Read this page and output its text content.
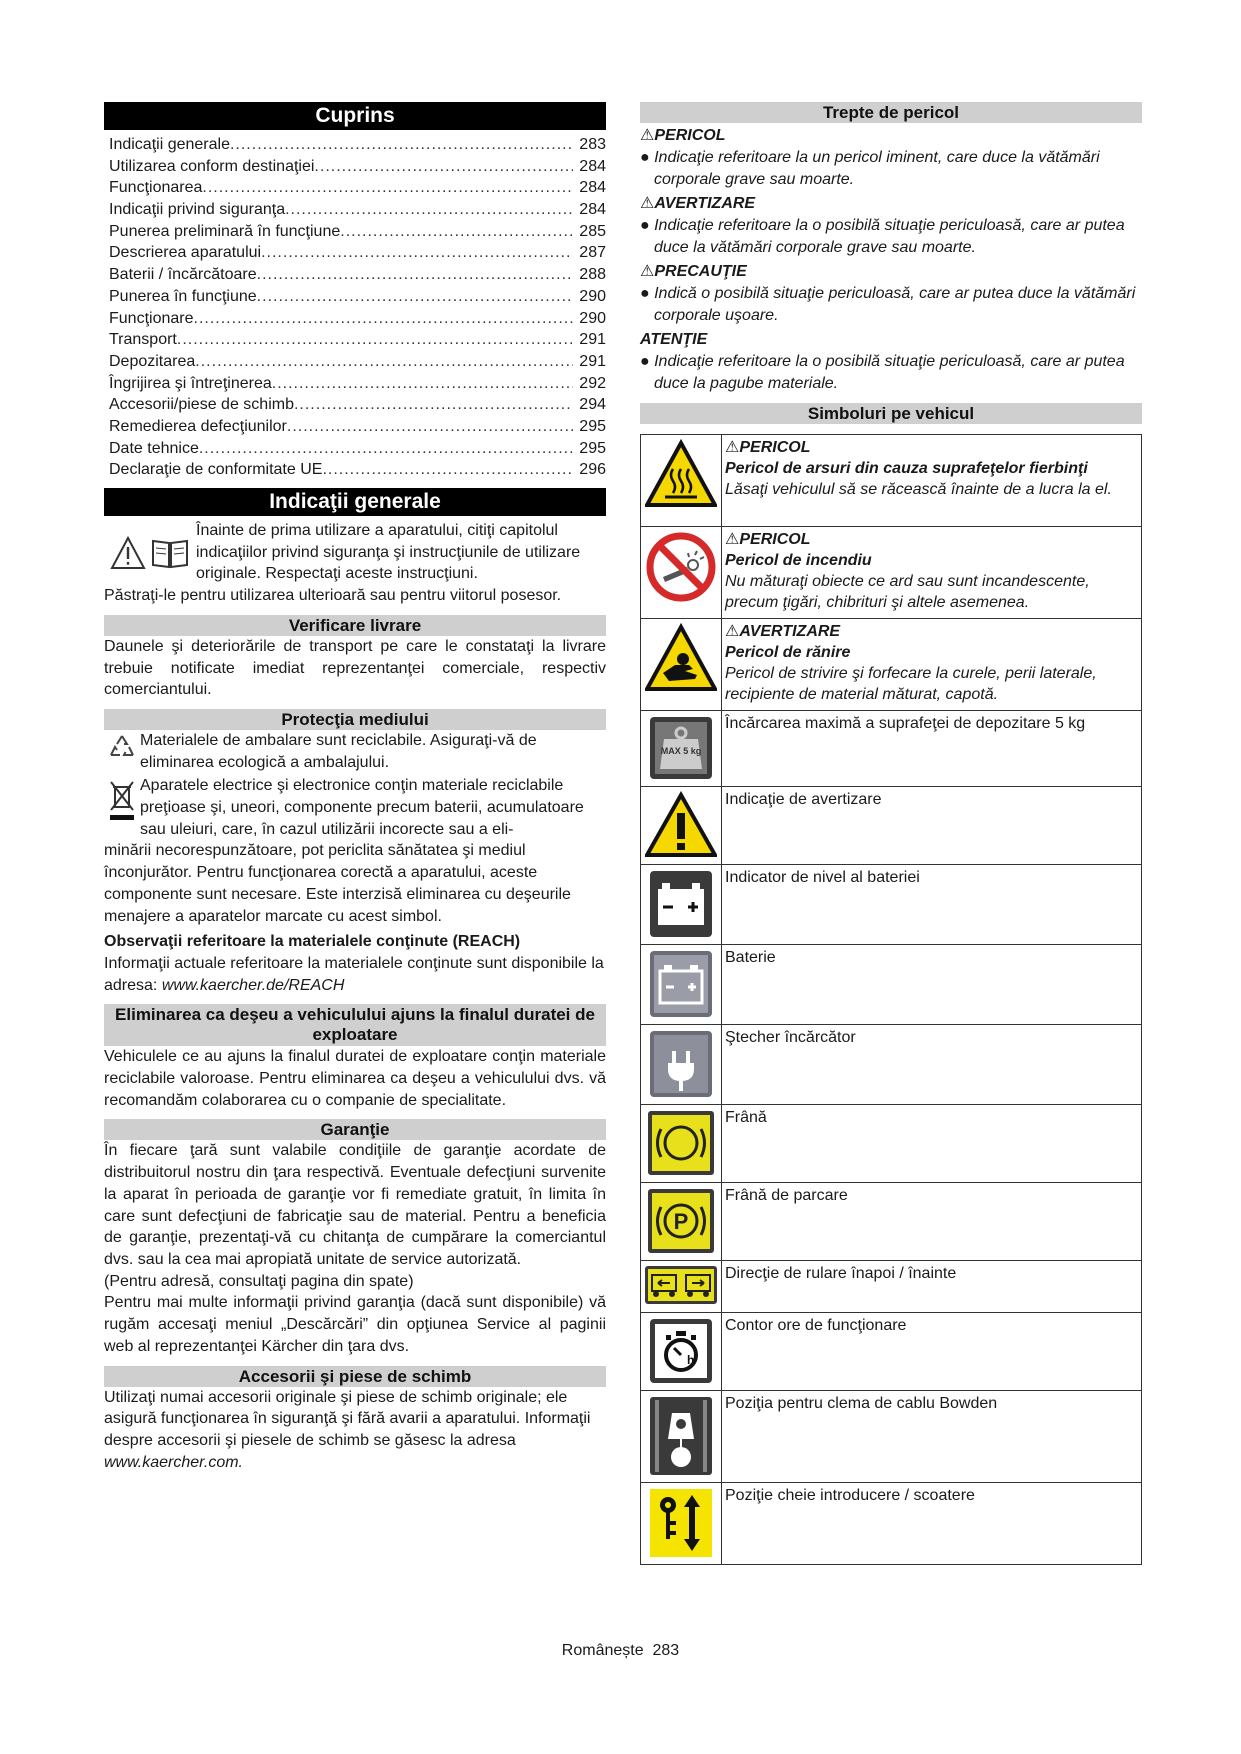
Cuprins
Indicaţii generale .....	283
Utilizarea conform destinaţiei .....	284
Funcţionarea .....	284
Indicaţii privind siguranţa .....	284
Punerea preliminară în funcţiune .....	285
Descrierea aparatului .....	287
Baterii / încărcătoare .....	288
Punerea în funcţiune .....	290
Funcţionare .....	290
Transport .....	291
Depozitarea .....	291
Îngrijirea şi întreţinerea .....	292
Accesorii/piese de schimb .....	294
Remedierea defecţiunilor .....	295
Date tehnice .....	295
Declaraţie de conformitate UE .....	296
Indicaţii generale

Înainte de prima utilizare a aparatului, citiţi capitolul indicaţiilor privind siguranţa şi instrucţiunile de utilizare originale. Respectaţi aceste instrucţiuni.

Păstraţi-le pentru utilizarea ulterioară sau pentru viitorul posesor.

Verificare livrare

Daunele şi deteriorările de transport pe care le constataţi la livrare trebuie notificate imediat reprezentanţei comerciale, respectiv comerciantului.

Protecţia mediului

Materialele de ambalare sunt reciclabile. Asiguraţi-vă de eliminarea ecologică a ambalajului.

Aparatele electrice şi electronice conţin materiale reciclabile preţioase şi, uneori, componente precum baterii, acumulatoare sau uleiuri, care, în cazul utilizării incorecte sau a eli-

minării necorespunzătoare, pot periclita sănătatea şi mediul înconjurător. Pentru funcţionarea corectă a aparatului, aceste componente sunt necesare. Este interzisă eliminarea cu deşeurile menajere a aparatelor marcate cu acest simbol.

Observaţii referitoare la materialele conţinute (REACH)

Informaţii actuale referitoare la materialele conţinute sunt disponibile la adresa: www.kaercher.de/REACH

Eliminarea ca deşeu a vehiculului ajuns la finalul duratei de exploatare

Vehiculele ce au ajuns la finalul duratei de exploatare conţin materiale reciclabile valoroase. Pentru eliminarea ca deşeu a vehiculului dvs. vă recomandăm colaborarea cu o companie de specialitate.

Garanţie

În fiecare ţară sunt valabile condiţiile de garanţie acordate de distribuitorul nostru din ţara respectivă. Eventuale defecţiuni survenite la aparat în perioada de garanţie vor fi remediate gratuit, în limita în care sunt defecţiuni de fabricaţie sau de material. Pentru a beneficia de garanţie, prezentaţi-vă cu chitanţa de cumpărare la comerciantul dvs. sau la cea mai apropiată unitate de service autorizată.

(Pentru adresă, consultaţi pagina din spate)

Pentru mai multe informaţii privind garanţia (dacă sunt disponibile) vă rugăm accesaţi meniul „Descărcări” din opţiunea Service al paginii web al reprezentanţei Kärcher din ţara dvs.

Accesorii şi piese de schimb

Utilizaţi numai accesorii originale şi piese de schimb originale; ele asigură funcţionarea în siguranţă şi fără avarii a aparatului. Informaţii despre accesorii şi piesele de schimb se găsesc la adresa www.kaercher.com.

Trepte de pericol
⚠PERICOL
● Indicaţie referitoare la un pericol iminent, care duce la vătămări corporale grave sau moarte.
⚠AVERTIZARE
● Indicaţie referitoare la o posibilă situaţie periculoasă, care ar putea duce la vătămări corporale grave sau moarte.
⚠PRECAUŢIE
● Indică o posibilă situaţie periculoasă, care ar putea duce la vătămări corporale uşoare.
ATENŢIE
● Indicaţie referitoare la o posibilă situaţie periculoasă, care ar putea duce la pagube materiale.
Simboluri pe vehicul

⚠PERICOL
Pericol de arsuri din cauza suprafeţelor fierbinţi
Lăsaţi vehiculul să se răcească înainte de a lucra la el.

⚠PERICOL
Pericol de incendiu
Nu măturaţi obiecte ce ard sau sunt incandescente, precum ţigări, chibrituri şi altele asemenea.

⚠AVERTIZARE
Pericol de rănire
Pericol de strivire şi forfecare la curele, perii laterale, recipiente de material măturat, capotă.

MAX 5 kg	Încărcarea maximă a suprafeţei de depozitare 5 kg

Indicaţie de avertizare

Indicator de nivel al bateriei

Baterie

Ştecher încărcător

Frână

P	Frână de parcare

Direcţie de rulare înapoi / înainte

h	Contor ore de funcţionare

Poziţia pentru clema de cablu Bowden

Poziţie cheie introducere / scoatere
Românește 283
